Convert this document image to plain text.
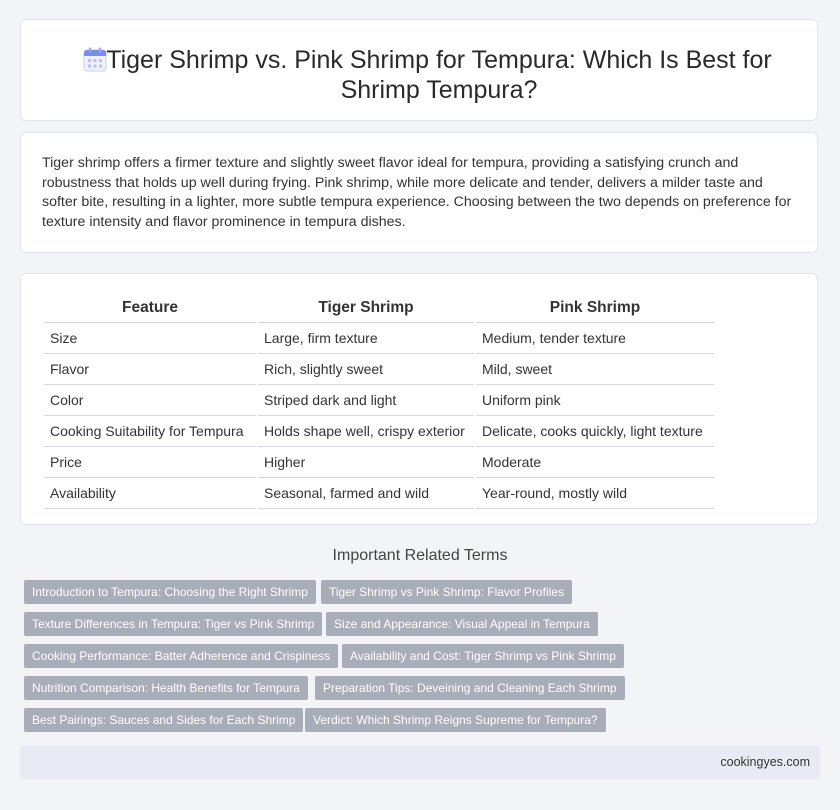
Tiger Shrimp vs. Pink Shrimp for Tempura: Which Is Best for Shrimp Tempura?

Tiger shrimp offers a firmer texture and slightly sweet flavor ideal for tempura, providing a satisfying crunch and robustness that holds up well during frying. Pink shrimp, while more delicate and tender, delivers a milder taste and softer bite, resulting in a lighter, more subtle tempura experience. Choosing between the two depends on preference for texture intensity and flavor prominence in tempura dishes.

Feature	Tiger Shrimp	Pink Shrimp
Size	Large, firm texture	Medium, tender texture
Flavor	Rich, slightly sweet	Mild, sweet
Color	Striped dark and light	Uniform pink
Cooking Suitability for Tempura	Holds shape well, crispy exterior	Delicate, cooks quickly, light texture
Price	Higher	Moderate
Availability	Seasonal, farmed and wild	Year-round, mostly wild
Important Related Terms
Introduction to Tempura: Choosing the Right Shrimp	Tiger Shrimp vs Pink Shrimp: Flavor Profiles
Texture Differences in Tempura: Tiger vs Pink Shrimp	Size and Appearance: Visual Appeal in Tempura
Cooking Performance: Batter Adherence and Crispiness	Availability and Cost: Tiger Shrimp vs Pink Shrimp
Nutrition Comparison: Health Benefits for Tempura	Preparation Tips: Deveining and Cleaning Each Shrimp
Best Pairings: Sauces and Sides for Each Shrimp	Verdict: Which Shrimp Reigns Supreme for Tempura?
cookingyes.com
